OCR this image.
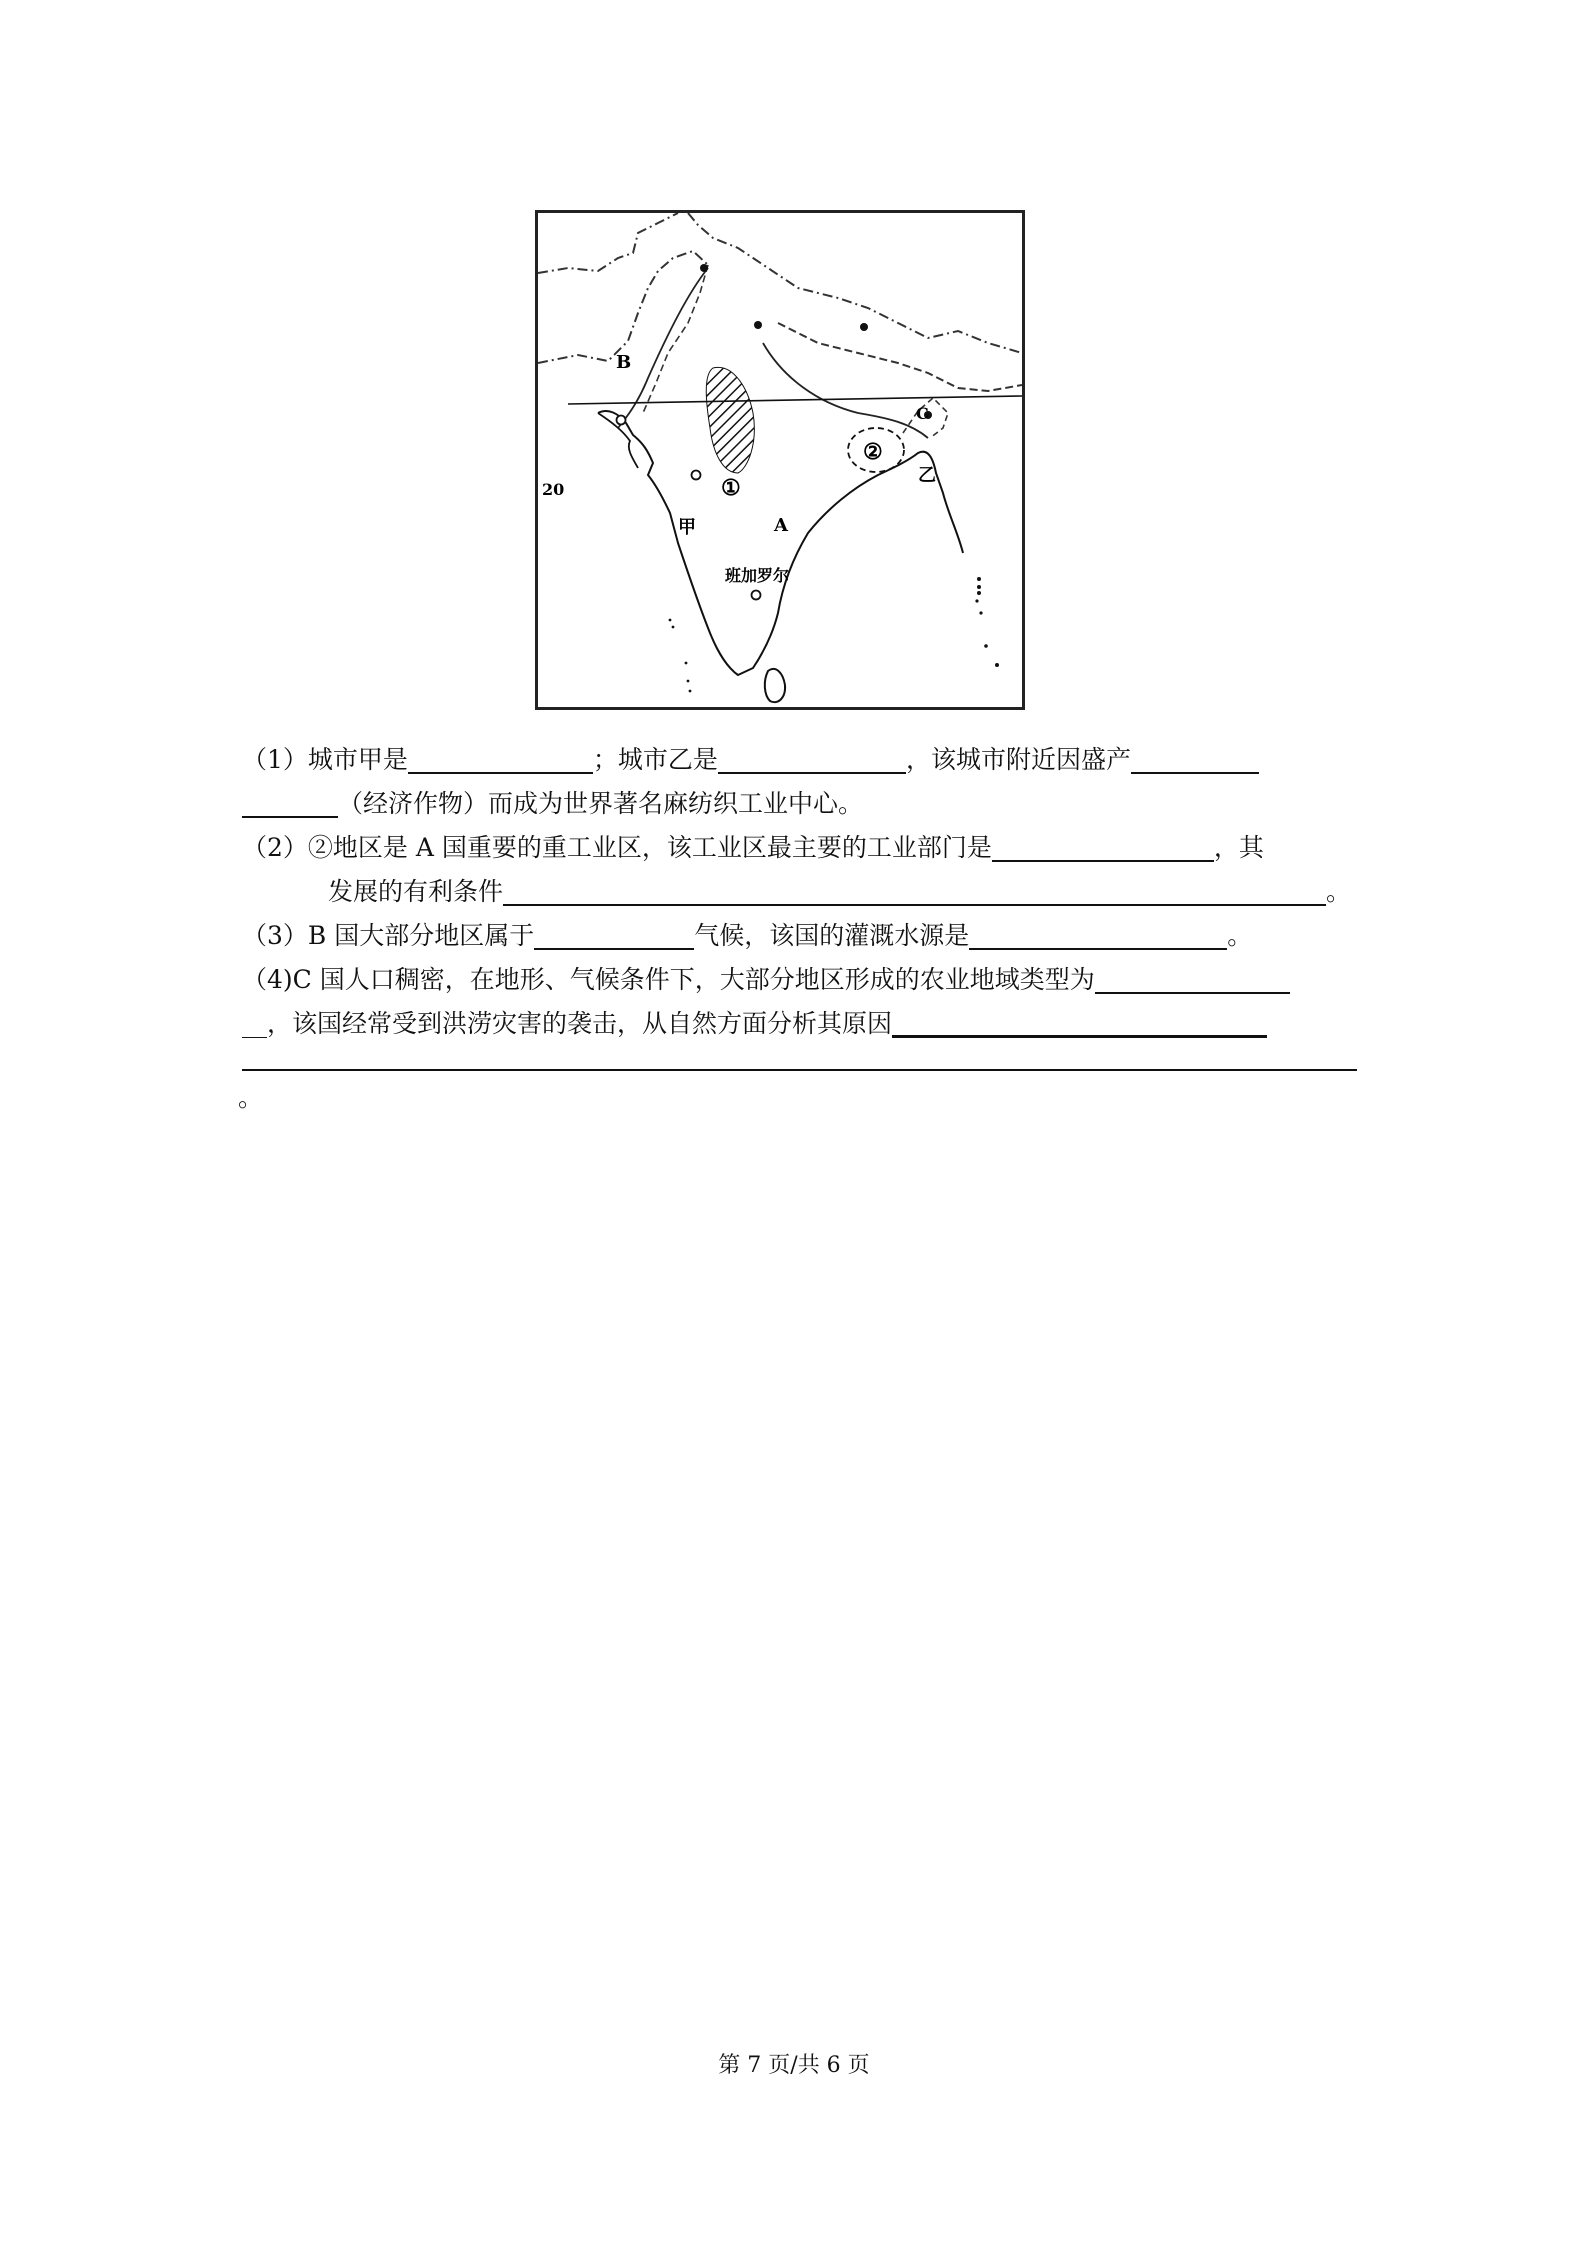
B
C
A
甲
乙
20	①
②
班加罗尔
（1）城市甲是	；城市乙是	，该城市附近因盛产
（经济作物）而成为世界著名麻纺织工业中心。
（2）②地区是 A 国重要的重工业区，该工业区最主要的工业部门是	，其
发展的有利条件	。
（3）B 国大部分地区属于	气候，该国的灌溉水源是	。
（4)C 国人口稠密，在地形、气候条件下，大部分地区形成的农业地域类型为
__，该国经常受到洪涝灾害的袭击，从自然方面分析其原因
。
第 7 页/共 6 页
